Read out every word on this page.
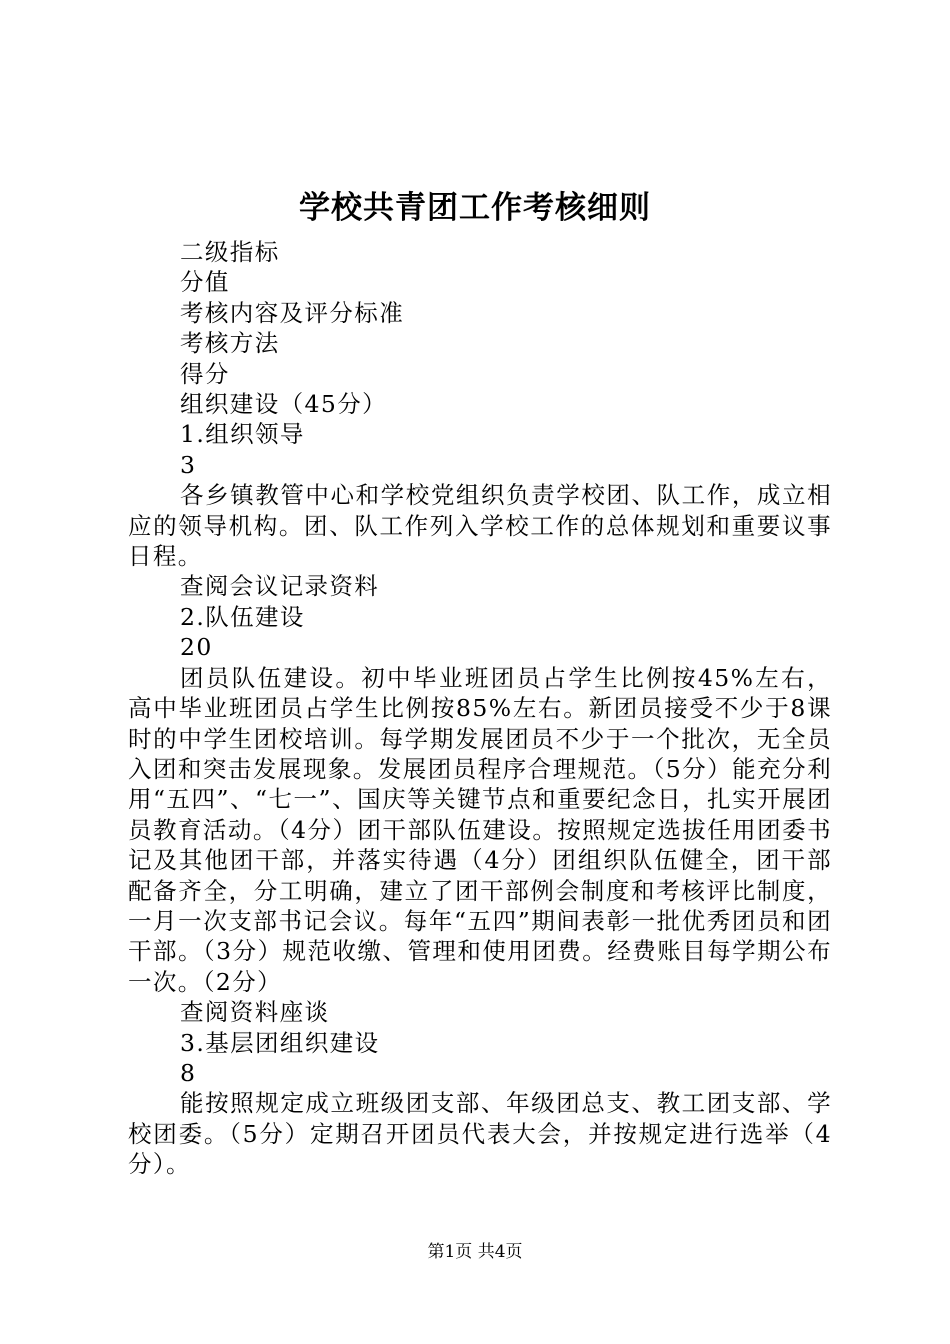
学校共青团工作考核细则

二级指标

分值

考核内容及评分标准

考核方法

得分

组织建设（45分）

1.组织领导

3

各乡镇教管中心和学校党组织负责学校团、队工作，成立相应的领导机构。团、队工作列入学校工作的总体规划和重要议事日程。

查阅会议记录资料

2.队伍建设

20

团员队伍建设。初中毕业班团员占学生比例按45%左右，高中毕业班团员占学生比例按85%左右。新团员接受不少于8课时的中学生团校培训。每学期发展团员不少于一个批次，无全员入团和突击发展现象。发展团员程序合理规范。（5分）能充分利用“五四”、“七一”、国庆等关键节点和重要纪念日，扎实开展团员教育活动。（4分）团干部队伍建设。按照规定选拔任用团委书记及其他团干部，并落实待遇（4分）团组织队伍健全，团干部配备齐全，分工明确，建立了团干部例会制度和考核评比制度，一月一次支部书记会议。每年“五四”期间表彰一批优秀团员和团干部。（3分）规范收缴、管理和使用团费。经费账目每学期公布一次。（2分）

查阅资料座谈

3.基层团组织建设

8

能按照规定成立班级团支部、年级团总支、教工团支部、学校团委。（5分）定期召开团员代表大会，并按规定进行选举（4分）。

第1页 共4页
